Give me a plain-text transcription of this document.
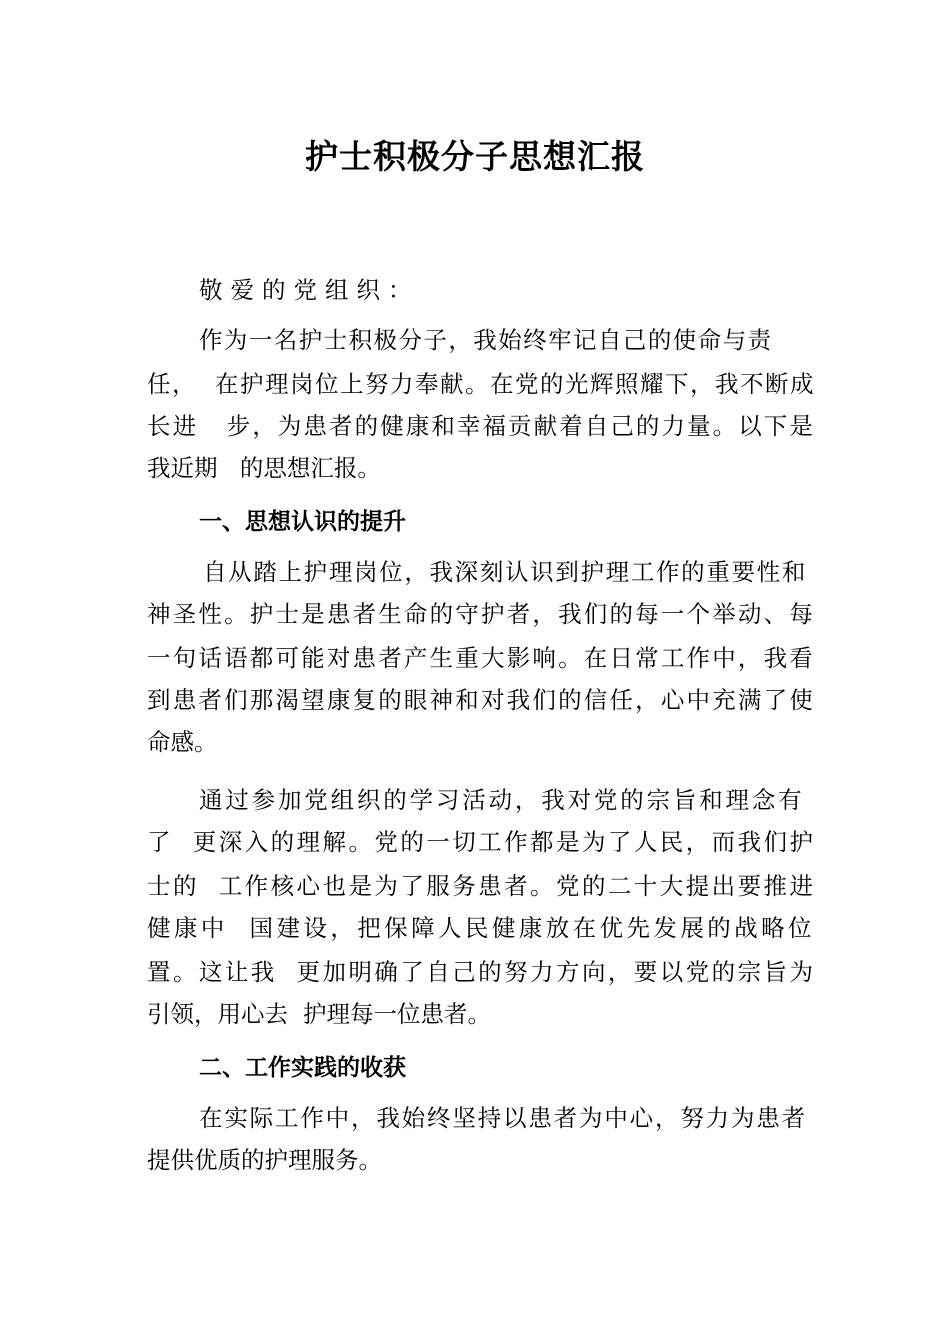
护士积极分子思想汇报
敬爱的党组织：
作为一名护士积极分子，我始终牢记自己的使命与责
任，  在护理岗位上努力奉献。在党的光辉照耀下，我不断成
长进   步，为患者的健康和幸福贡献着自己的力量。以下是
我近期   的思想汇报。
一、思想认识的提升
自从踏上护理岗位，我深刻认识到护理工作的重要性和
神圣性。护士是患者生命的守护者，我们的每一个举动、每
一句话语都可能对患者产生重大影响。在日常工作中，我看
到患者们那渴望康复的眼神和对我们的信任，心中充满了使
命感。
通过参加党组织的学习活动，我对党的宗旨和理念有
了  更深入的理解。党的一切工作都是为了人民，而我们护
士的  工作核心也是为了服务患者。党的二十大提出要推进
健康中  国建设，把保障人民健康放在优先发展的战略位
置。这让我  更加明确了自己的努力方向，要以党的宗旨为
引领，用心去  护理每一位患者。
二、工作实践的收获
在实际工作中，我始终坚持以患者为中心，努力为患者
提供优质的护理服务。
